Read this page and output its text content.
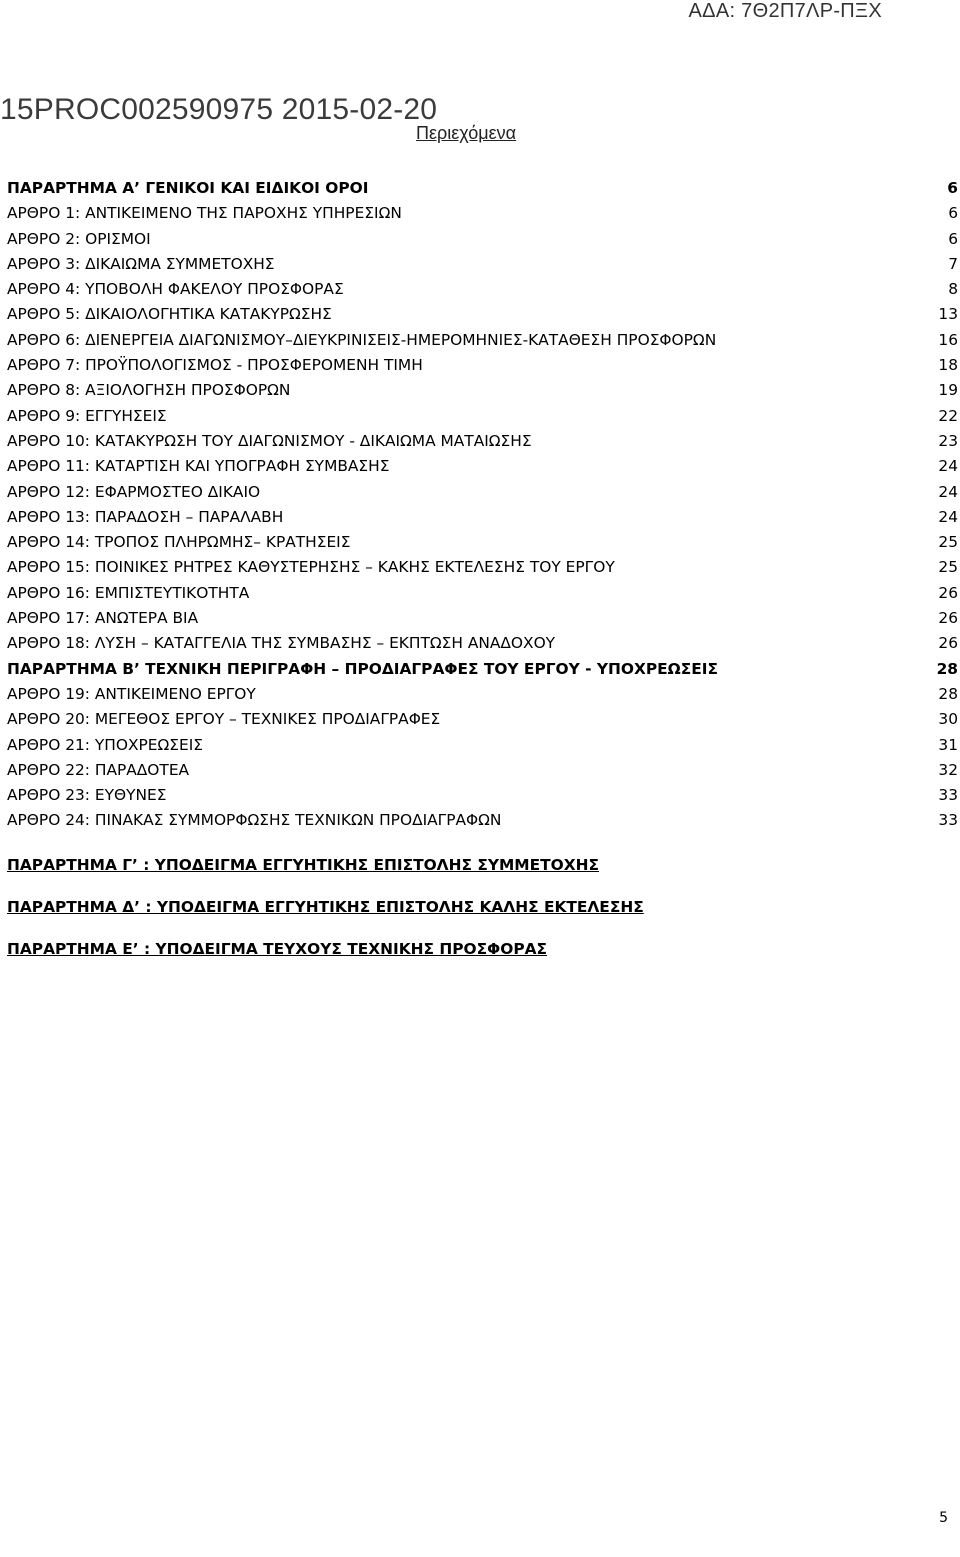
ΑΔΑ: 7Θ2Π7ΛΡ-ΠΞΧ
15PROC002590975 2015-02-20
Περιεχόμενα
ΠΑΡΑΡΤΗΜΑ Α’ ΓΕΝΙΚΟΙ ΚΑΙ ΕΙΔΙΚΟΙ ΟΡΟΙ	6
ΑΡΘΡΟ 1: ΑΝΤΙΚΕΙΜΕΝΟ ΤΗΣ ΠΑΡΟΧΗΣ ΥΠΗΡΕΣΙΩΝ	6
ΑΡΘΡΟ 2: ΟΡΙΣΜΟΙ	6
ΑΡΘΡΟ 3: ΔΙΚΑΙΩΜΑ ΣΥΜΜΕΤΟΧΗΣ	7
ΑΡΘΡΟ 4: ΥΠΟΒΟΛΗ ΦΑΚΕΛΟΥ ΠΡΟΣΦΟΡΑΣ	8
ΑΡΘΡΟ 5: ΔΙΚΑΙΟΛΟΓΗΤΙΚΑ ΚΑΤΑΚΥΡΩΣΗΣ	13
ΑΡΘΡΟ 6: ΔΙΕΝΕΡΓΕΙΑ ΔΙΑΓΩΝΙΣΜΟΥ–ΔΙΕΥΚΡΙΝΙΣΕΙΣ-ΗΜΕΡΟΜΗΝΙΕΣ-ΚΑΤΑΘΕΣΗ ΠΡΟΣΦΟΡΩΝ	16
ΑΡΘΡΟ 7: ΠΡΟΫΠΟΛΟΓΙΣΜΟΣ - ΠΡΟΣΦΕΡΟΜΕΝΗ ΤΙΜΗ	18
ΑΡΘΡΟ 8: ΑΞΙΟΛΟΓΗΣΗ ΠΡΟΣΦΟΡΩΝ	19
ΑΡΘΡΟ 9: ΕΓΓΥΗΣΕΙΣ	22
ΑΡΘΡΟ 10: ΚΑΤΑΚΥΡΩΣΗ ΤΟΥ ΔΙΑΓΩΝΙΣΜΟΥ - ΔΙΚΑΙΩΜΑ ΜΑΤΑΙΩΣΗΣ	23
ΑΡΘΡΟ 11: ΚΑΤΑΡΤΙΣΗ ΚΑΙ ΥΠΟΓΡΑΦΗ ΣΥΜΒΑΣΗΣ	24
ΑΡΘΡΟ 12: ΕΦΑΡΜΟΣΤΕΟ ΔΙΚΑΙΟ	24
ΑΡΘΡΟ 13: ΠΑΡΑΔΟΣΗ – ΠΑΡΑΛΑΒΗ	24
ΑΡΘΡΟ 14: ΤΡΟΠΟΣ ΠΛΗΡΩΜΗΣ– ΚΡΑΤΗΣΕΙΣ	25
ΑΡΘΡΟ 15: ΠΟΙΝΙΚΕΣ ΡΗΤΡΕΣ ΚΑΘΥΣΤΕΡΗΣΗΣ – ΚΑΚΗΣ ΕΚΤΕΛΕΣΗΣ ΤΟΥ ΕΡΓΟΥ	25
ΑΡΘΡΟ 16: ΕΜΠΙΣΤΕΥΤΙΚΟΤΗΤΑ	26
ΑΡΘΡΟ 17: ΑΝΩΤΕΡΑ ΒΙΑ	26
ΑΡΘΡΟ 18: ΛΥΣΗ – ΚΑΤΑΓΓΕΛΙΑ ΤΗΣ ΣΥΜΒΑΣΗΣ – ΕΚΠΤΩΣΗ ΑΝΑΔΟΧΟΥ	26
ΠΑΡΑΡΤΗΜΑ Β’ ΤΕΧΝΙΚΗ ΠΕΡΙΓΡΑΦΗ – ΠΡΟΔΙΑΓΡΑΦΕΣ ΤΟΥ ΕΡΓΟΥ - ΥΠΟΧΡΕΩΣΕΙΣ	28
ΑΡΘΡΟ 19: ΑΝΤΙΚΕΙΜΕΝΟ ΕΡΓΟΥ	28
ΑΡΘΡΟ 20: ΜΕΓΕΘΟΣ ΕΡΓΟΥ – ΤΕΧΝΙΚΕΣ ΠΡΟΔΙΑΓΡΑΦΕΣ	30
ΑΡΘΡΟ 21: ΥΠΟΧΡΕΩΣΕΙΣ	31
ΑΡΘΡΟ 22: ΠΑΡΑΔΟΤΕΑ	32
ΑΡΘΡΟ 23: ΕΥΘΥΝΕΣ	33
ΑΡΘΡΟ 24: ΠΙΝΑΚΑΣ ΣΥΜΜΟΡΦΩΣΗΣ ΤΕΧΝΙΚΩΝ ΠΡΟΔΙΑΓΡΑΦΩΝ	33
ΠΑΡΑΡΤΗΜΑ Γ’ : ΥΠΟΔΕΙΓΜΑ ΕΓΓΥΗΤΙΚΗΣ ΕΠΙΣΤΟΛΗΣ ΣΥΜΜΕΤΟΧΗΣ
ΠΑΡΑΡΤΗΜΑ Δ’ : ΥΠΟΔΕΙΓΜΑ ΕΓΓΥΗΤΙΚΗΣ ΕΠΙΣΤΟΛΗΣ ΚΑΛΗΣ ΕΚΤΕΛΕΣΗΣ
ΠΑΡΑΡΤΗΜΑ Ε’ : ΥΠΟΔΕΙΓΜΑ ΤΕΥΧΟΥΣ ΤΕΧΝΙΚΗΣ ΠΡΟΣΦΟΡΑΣ
5
